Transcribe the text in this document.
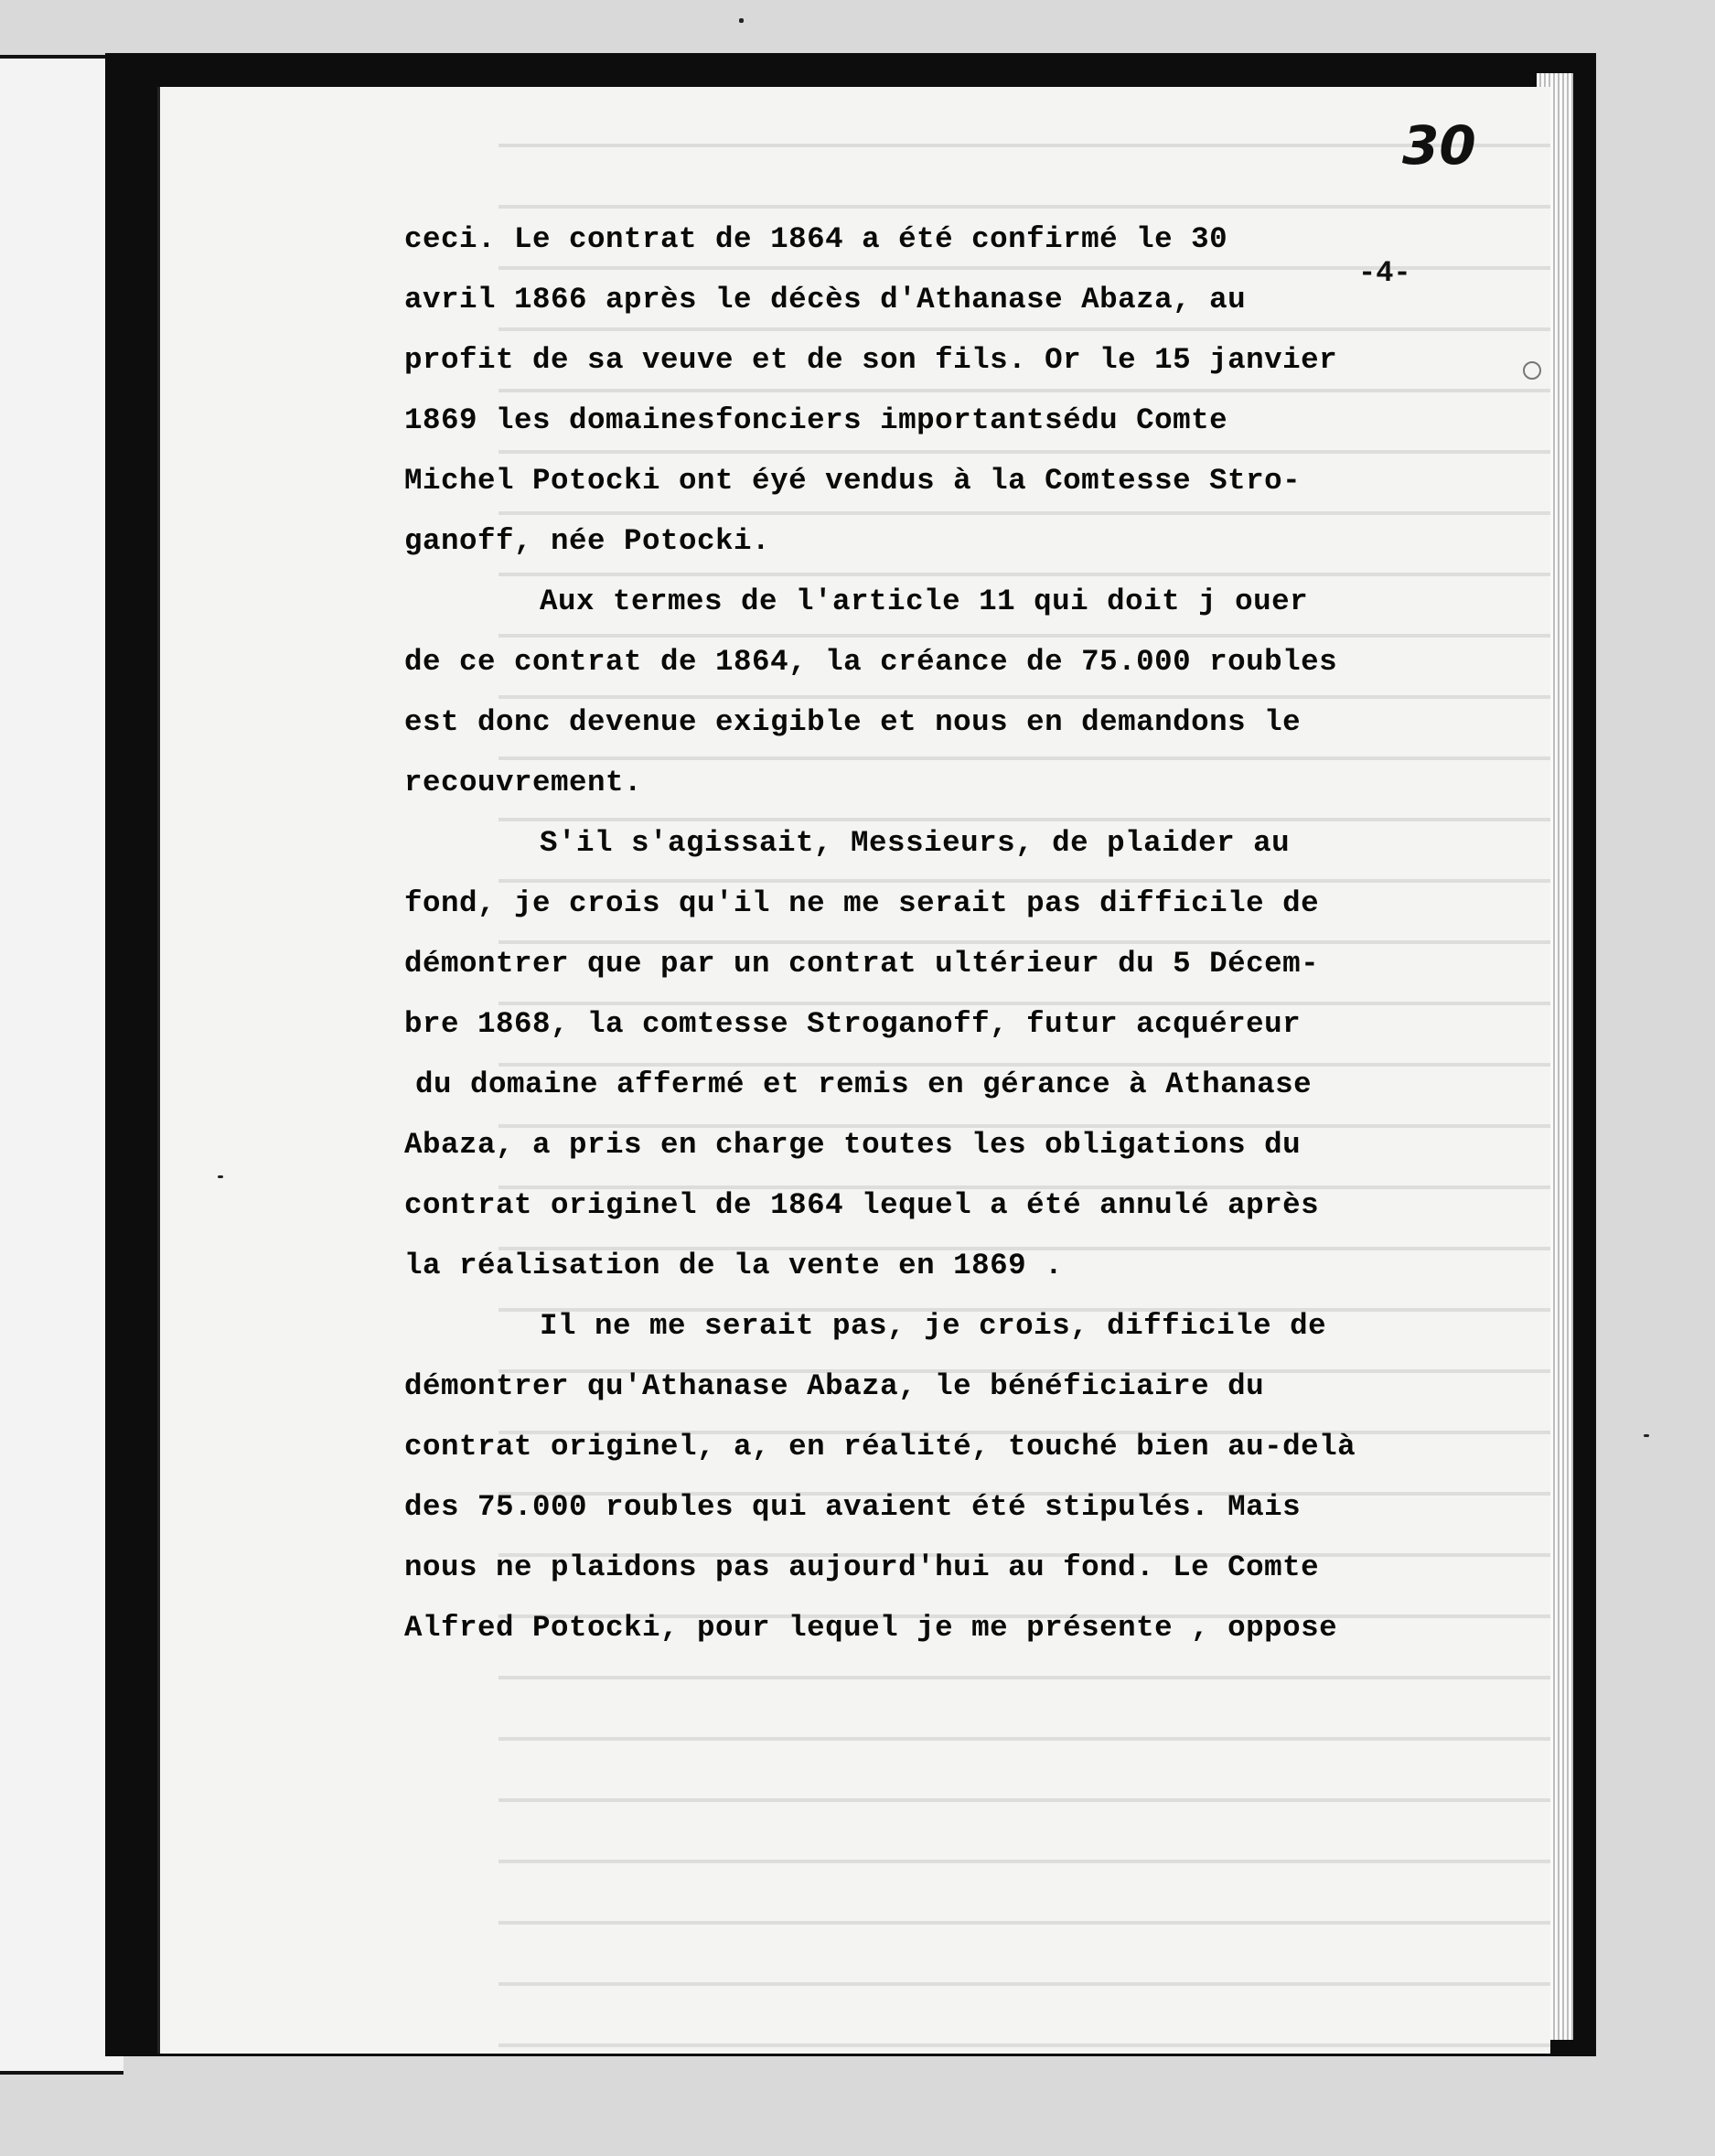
30
-4-
ceci. Le contrat de 1864 a été confirmé le 30
avril 1866 après le décès d'Athanase Abaza, au
profit de sa veuve et de son fils. Or le 15 janvier
1869 les domainesfonciers importantsédu Comte
Michel Potocki ont éyé vendus à la Comtesse Stro-
ganoff, née Potocki.
Aux termes de l'article 11 qui doit j ouer
de ce contrat de 1864, la créance de 75.000 roubles
est donc devenue exigible et nous en demandons le
recouvrement.
S'il s'agissait, Messieurs, de plaider au
fond, je crois qu'il ne me serait pas difficile de
démontrer que par un contrat ultérieur du 5 Décem-
bre 1868, la comtesse Stroganoff, futur acquéreur
du domaine affermé et remis en gérance à Athanase
Abaza, a pris en charge toutes les obligations du
contrat originel de 1864 lequel a été annulé après
la réalisation de la vente en 1869 .
Il ne me serait pas, je crois, difficile de
démontrer qu'Athanase Abaza, le bénéficiaire du
contrat originel, a, en réalité, touché bien au-delà
des 75.000 roubles qui avaient été stipulés. Mais
nous ne plaidons pas aujourd'hui au fond. Le Comte
Alfred Potocki, pour lequel je me présente , oppose
